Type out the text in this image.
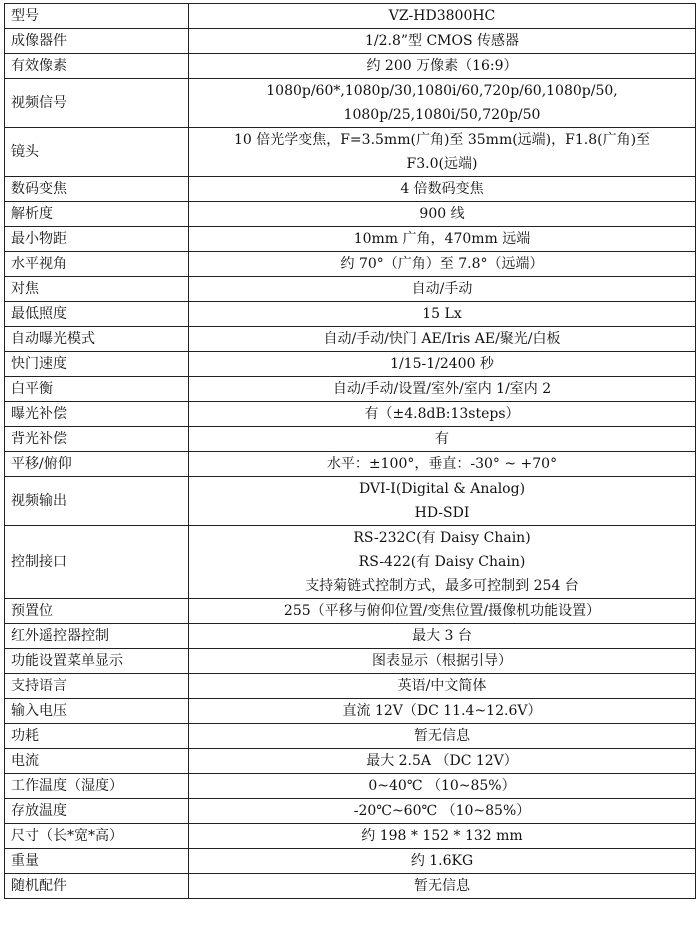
型号	VZ-HD3800HC

成像器件	1/2.8”型 CMOS 传感器

有效像素	约 200 万像素（16:9）

视频信号	1080p/60*,1080p/30,1080i/60,720p/60,1080p/50,
1080p/25,1080i/50,720p/50

镜头	10 倍光学变焦，F=3.5mm(广角)至 35mm(远端)，F1.8(广角)至
F3.0(远端)

数码变焦	4 倍数码变焦

解析度	900 线

最小物距	10mm 广角，470mm 远端

水平视角	约 70°（广角）至 7.8°（远端）

对焦	自动/手动

最低照度	15 Lx

自动曝光模式	自动/手动/快门 AE/Iris AE/聚光/白板

快门速度	1/15-1/2400 秒

白平衡	自动/手动/设置/室外/室内 1/室内 2

曝光补偿	有（±4.8dB:13steps）

背光补偿	有

平移/俯仰	水平：±100°，垂直：-30° ~ +70°

视频输出	DVI-I(Digital & Analog)
HD-SDI

控制接口	RS-232C(有 Daisy Chain)
RS-422(有 Daisy Chain)
支持菊链式控制方式，最多可控制到 254 台

预置位	255（平移与俯仰位置/变焦位置/摄像机功能设置）

红外遥控器控制	最大 3 台

功能设置菜单显示	图表显示（根据引导）

支持语言	英语/中文简体

输入电压	直流 12V（DC 11.4~12.6V）

功耗	暂无信息

电流	最大 2.5A （DC 12V）

工作温度（湿度）	0~40℃ （10~85%）

存放温度	-20℃~60℃ （10~85%）

尺寸（长*宽*高）	约 198 * 152 * 132 mm

重量	约 1.6KG

随机配件	暂无信息
